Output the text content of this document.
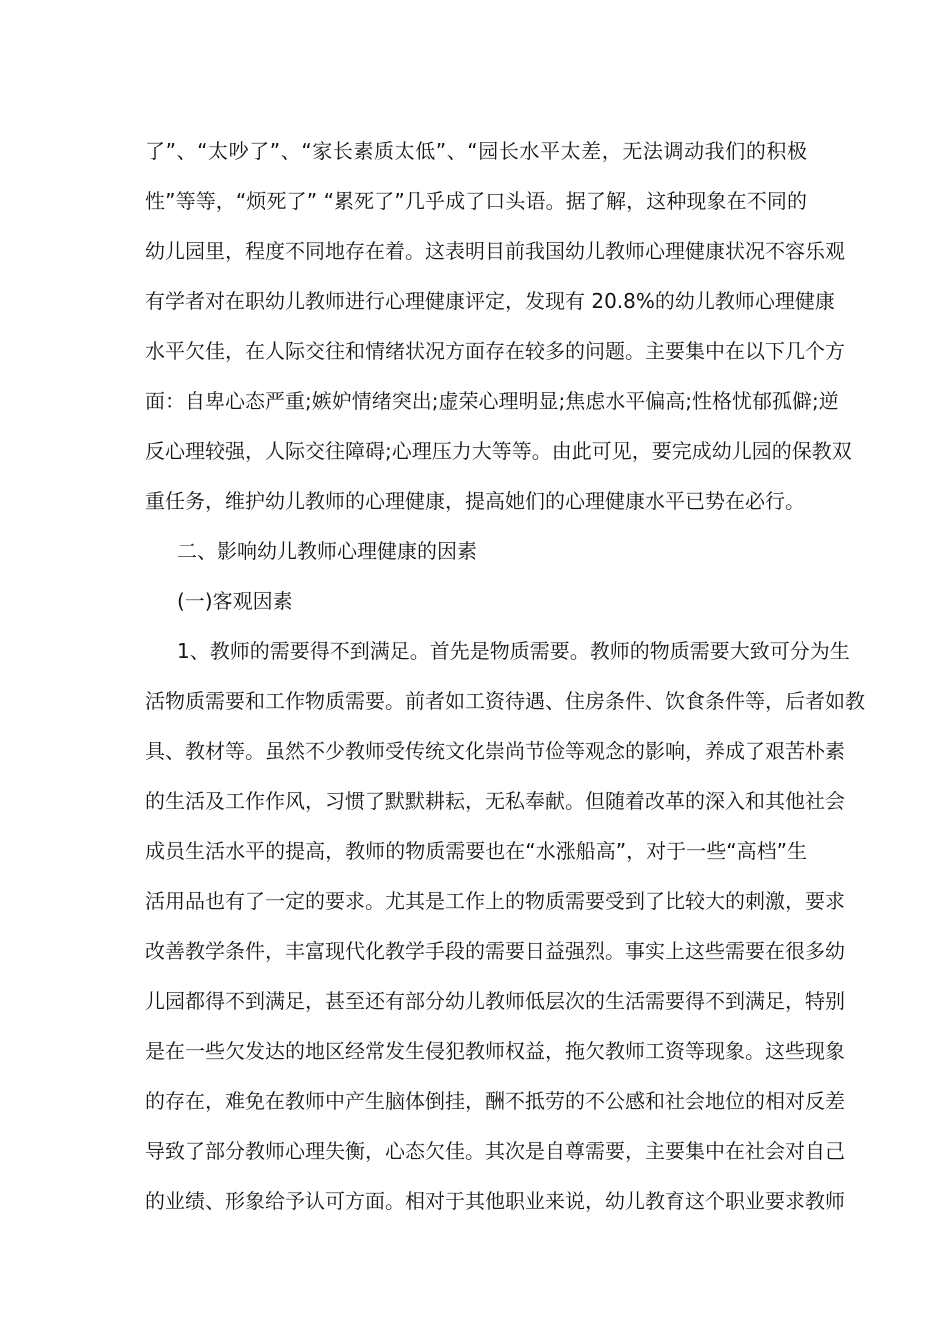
了”、“太吵了”、“家长素质太低”、“园长水平太差，无法调动我们的积极
性”等等，“烦死了” “累死了”几乎成了口头语。据了解，这种现象在不同的
幼儿园里，程度不同地存在着。这表明目前我国幼儿教师心理健康状况不容乐观
有学者对在职幼儿教师进行心理健康评定，发现有 20.8%的幼儿教师心理健康
水平欠佳，在人际交往和情绪状况方面存在较多的问题。主要集中在以下几个方
面：自卑心态严重;嫉妒情绪突出;虚荣心理明显;焦虑水平偏高;性格忧郁孤僻;逆
反心理较强，人际交往障碍;心理压力大等等。由此可见，要完成幼儿园的保教双
重任务，维护幼儿教师的心理健康，提高她们的心理健康水平已势在必行。
二、影响幼儿教师心理健康的因素
(一)客观因素
1、教师的需要得不到满足。首先是物质需要。教师的物质需要大致可分为生
活物质需要和工作物质需要。前者如工资待遇、住房条件、饮食条件等，后者如教
具、教材等。虽然不少教师受传统文化崇尚节俭等观念的影响，养成了艰苦朴素
的生活及工作作风，习惯了默默耕耘，无私奉献。但随着改革的深入和其他社会
成员生活水平的提高，教师的物质需要也在“水涨船高”，对于一些“高档”生
活用品也有了一定的要求。尤其是工作上的物质需要受到了比较大的刺激，要求
改善教学条件，丰富现代化教学手段的需要日益强烈。事实上这些需要在很多幼
儿园都得不到满足，甚至还有部分幼儿教师低层次的生活需要得不到满足，特别
是在一些欠发达的地区经常发生侵犯教师权益，拖欠教师工资等现象。这些现象
的存在，难免在教师中产生脑体倒挂，酬不抵劳的不公感和社会地位的相对反差
导致了部分教师心理失衡，心态欠佳。其次是自尊需要，主要集中在社会对自己
的业绩、形象给予认可方面。相对于其他职业来说，幼儿教育这个职业要求教师
